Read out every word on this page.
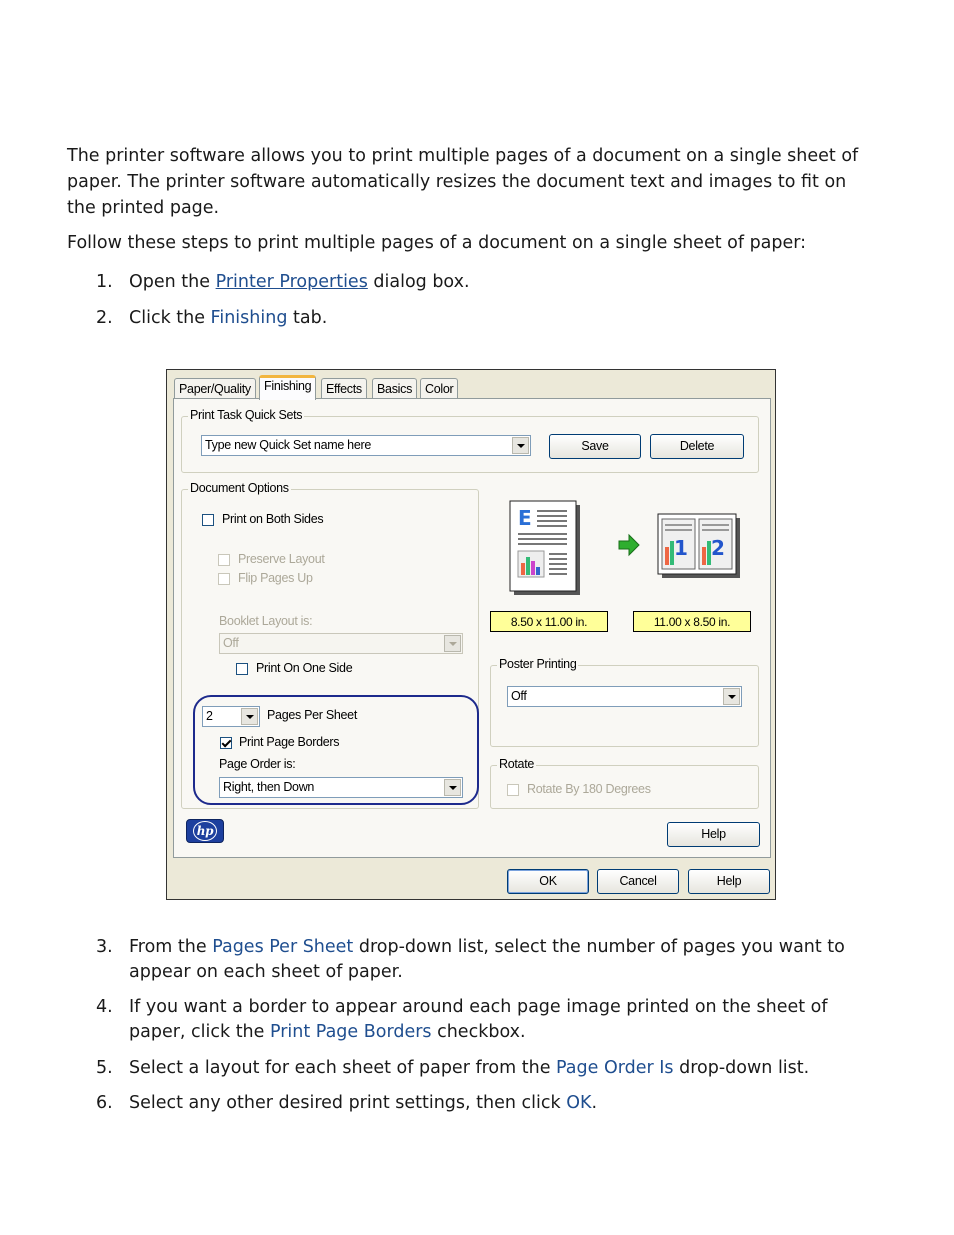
The printer software allows you to print multiple pages of a document on a single sheet of paper. The printer software automatically resizes the document text and images to fit on the printed page.

Follow these steps to print multiple pages of a document on a single sheet of paper:

1. Open the Printer Properties dialog box.
2. Click the Finishing tab.
Paper/Quality	Finishing	Effects	Basics	Color
Print Task Quick Sets
Type new Quick Set name here	Save	Delete
Document Options
Print on Both Sides
Preserve Layout
Flip Pages Up
Booklet Layout is:
Off
Print On One Side
2	Pages Per Sheet
Print Page Borders
Page Order is:
Right, then Down
E
1 2
8.50 x 11.00 in.	11.00 x 8.50 in.
Poster Printing
Off
Rotate
Rotate By 180 Degrees
hp	Help
OK	Cancel	Help
3. From the Pages Per Sheet drop-down list, select the number of pages you want to appear on each sheet of paper.
4. If you want a border to appear around each page image printed on the sheet of paper, click the Print Page Borders checkbox.
5. Select a layout for each sheet of paper from the Page Order Is drop-down list.
6. Select any other desired print settings, then click OK.
